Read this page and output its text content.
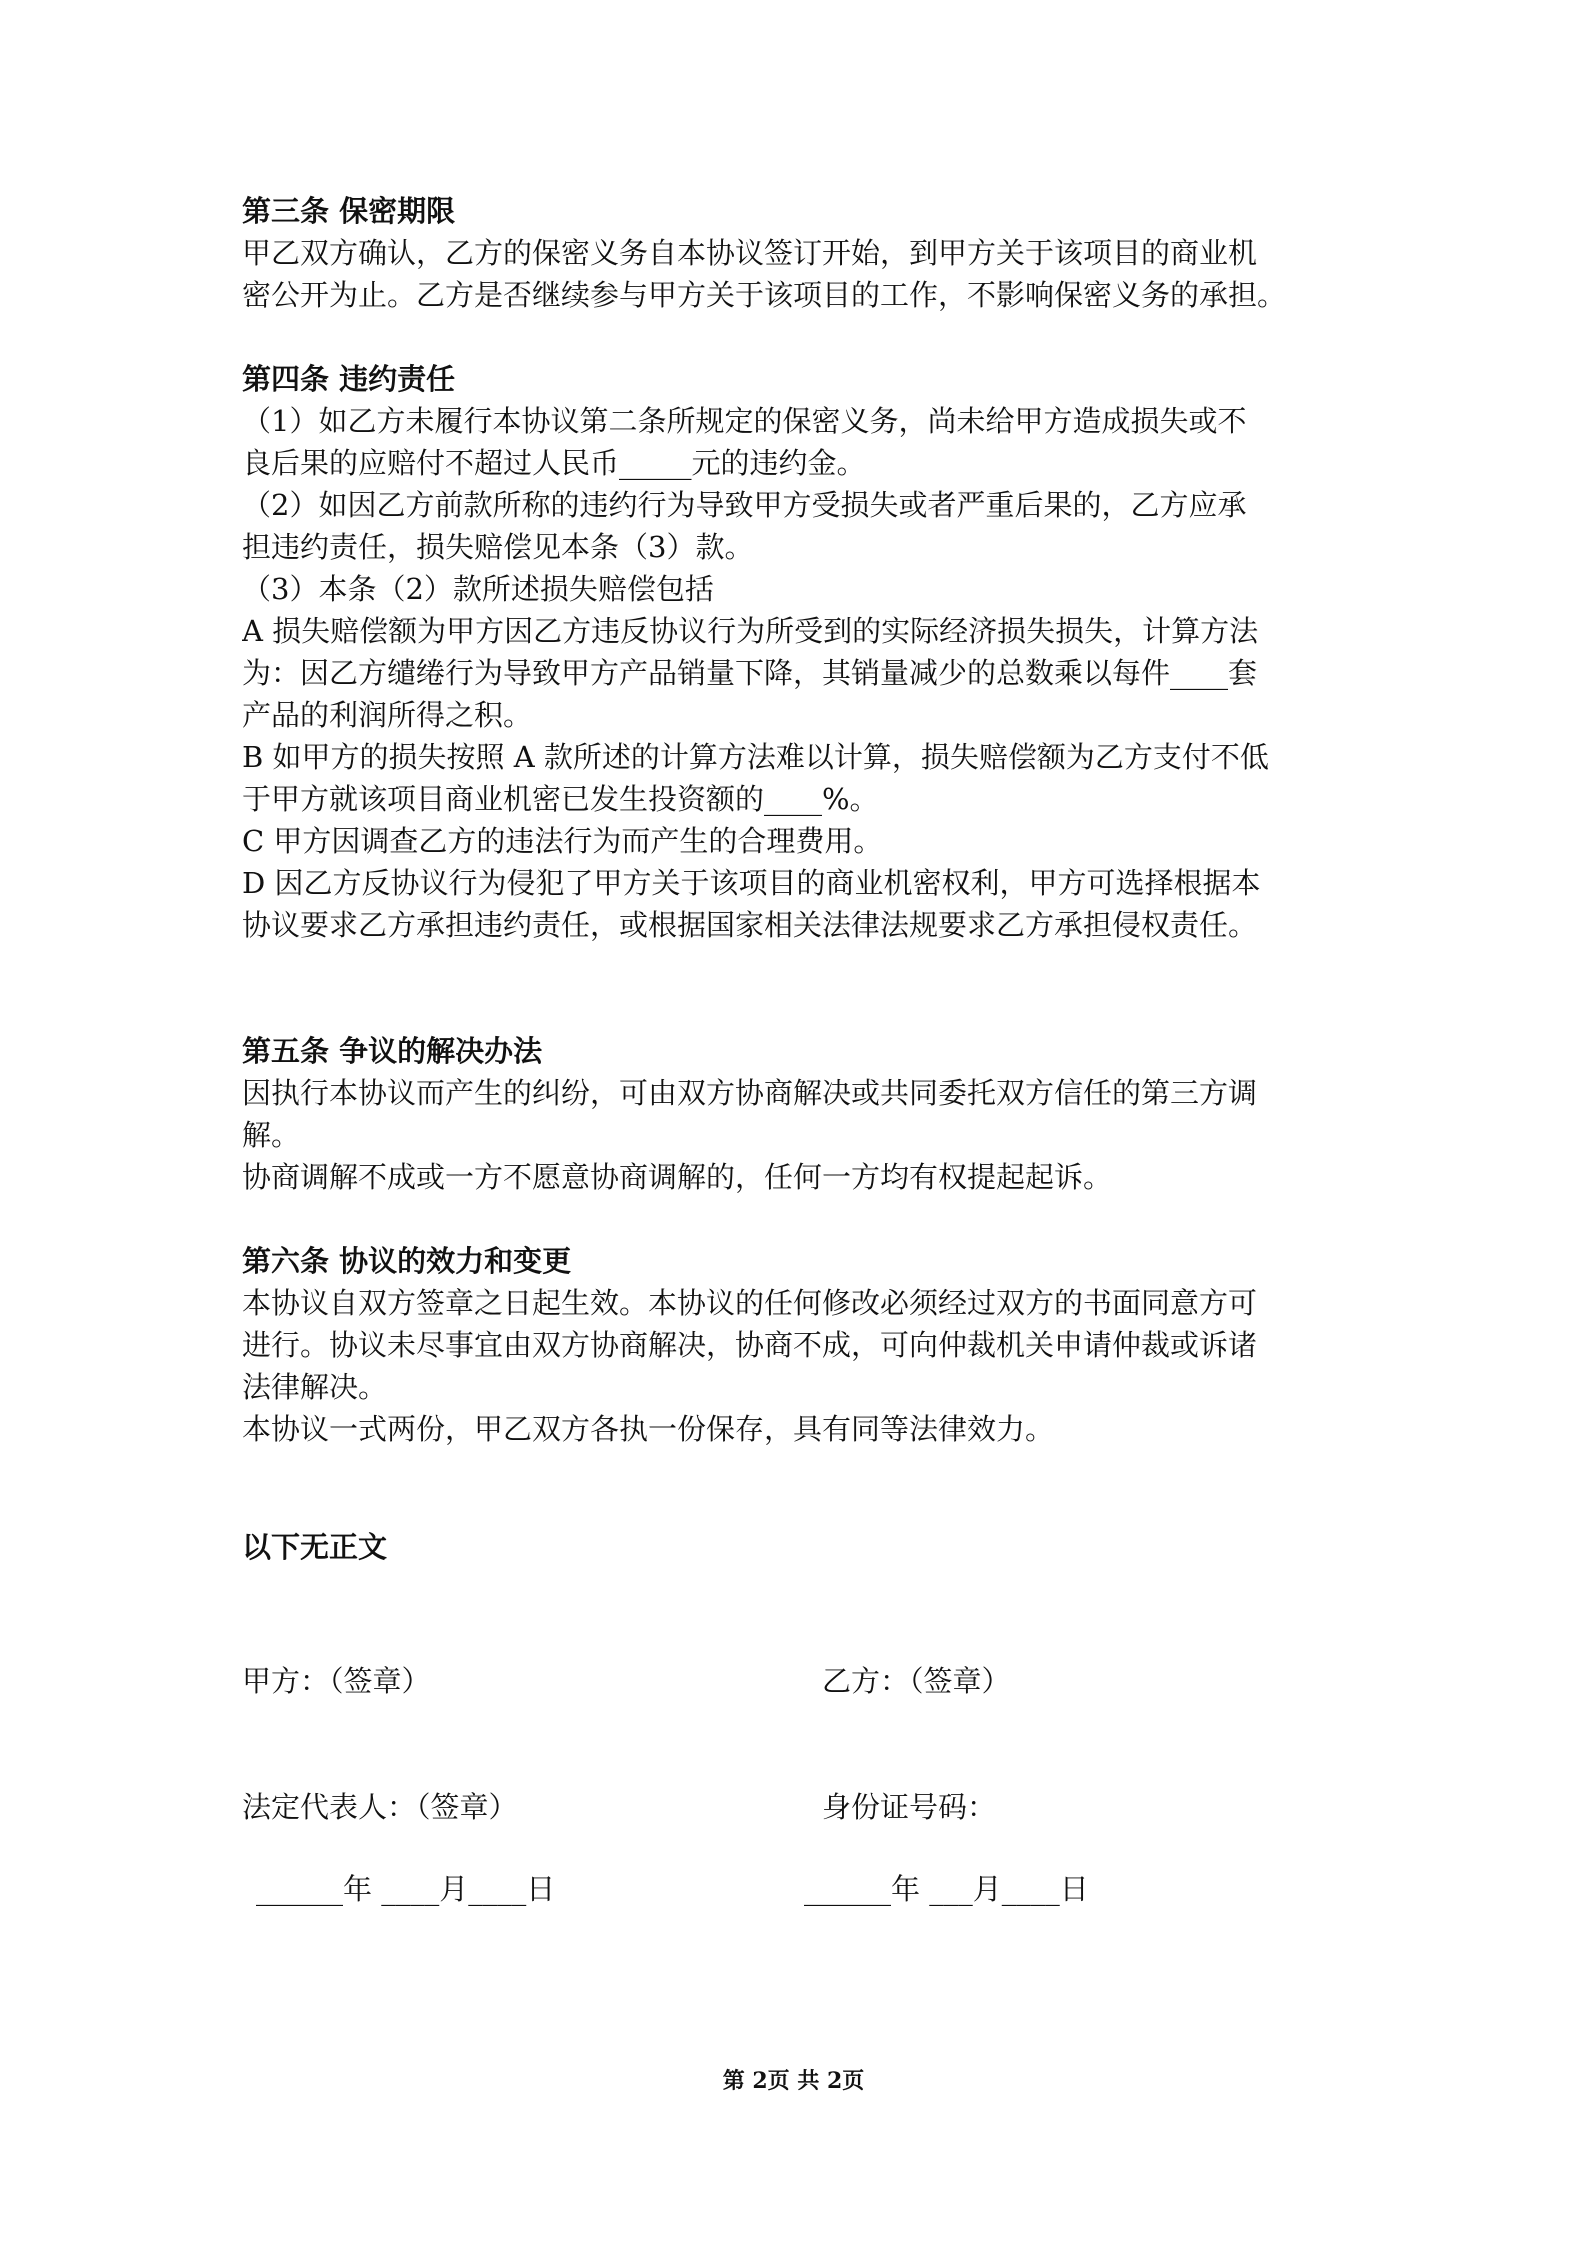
第三条 保密期限
甲乙双方确认，乙方的保密义务自本协议签订开始，到甲方关于该项目的商业机
密公开为止。乙方是否继续参与甲方关于该项目的工作，不影响保密义务的承担。
第四条 违约责任
（1）如乙方未履行本协议第二条所规定的保密义务，尚未给甲方造成损失或不
良后果的应赔付不超过人民币_____元的违约金。
（2）如因乙方前款所称的违约行为导致甲方受损失或者严重后果的，乙方应承
担违约责任，损失赔偿见本条（3）款。
（3）本条（2）款所述损失赔偿包括
A 损失赔偿额为甲方因乙方违反协议行为所受到的实际经济损失损失，计算方法
为：因乙方缱绻行为导致甲方产品销量下降，其销量减少的总数乘以每件____套
产品的利润所得之积。
B 如甲方的损失按照 A 款所述的计算方法难以计算，损失赔偿额为乙方支付不低
于甲方就该项目商业机密已发生投资额的____%。
C 甲方因调查乙方的违法行为而产生的合理费用。
D 因乙方反协议行为侵犯了甲方关于该项目的商业机密权利，甲方可选择根据本
协议要求乙方承担违约责任，或根据国家相关法律法规要求乙方承担侵权责任。
第五条 争议的解决办法
因执行本协议而产生的纠纷，可由双方协商解决或共同委托双方信任的第三方调
解。
协商调解不成或一方不愿意协商调解的，任何一方均有权提起起诉。
第六条 协议的效力和变更
本协议自双方签章之日起生效。本协议的任何修改必须经过双方的书面同意方可
进行。协议未尽事宜由双方协商解决，协商不成，可向仲裁机关申请仲裁或诉诸
法律解决。
本协议一式两份，甲乙双方各执一份保存，具有同等法律效力。
以下无正文
甲方：（签章）	乙方：（签章）
法定代表人：（签章）	身份证号码：
______年 ____月____日	______年 ___月____日
第 2页 共 2页
